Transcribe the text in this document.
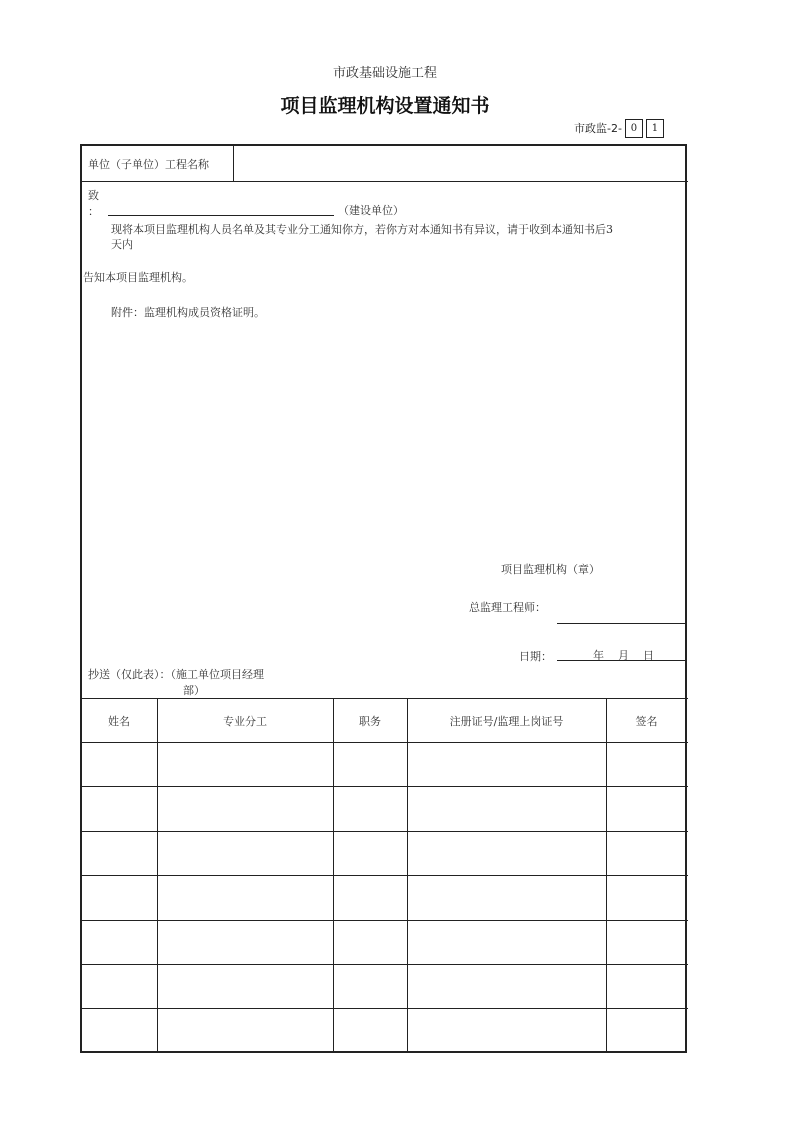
市政基础设施工程
项目监理机构设置通知书
市政监-2- 0	1
单位（子单位）工程名称
致
：	（建设单位）
现将本项目监理机构人员名单及其专业分工通知你方，若你方对本通知书有异议，请于收到本通知书后3
天内
告知本项目监理机构。
附件：监理机构成员资格证明。
项目监理机构（章）
总监理工程师：
日期：	年 月 日
抄送（仅此表）：（施工单位项目经理
部）
姓名	专业分工	职务	注册证号/监理上岗证号	签名
